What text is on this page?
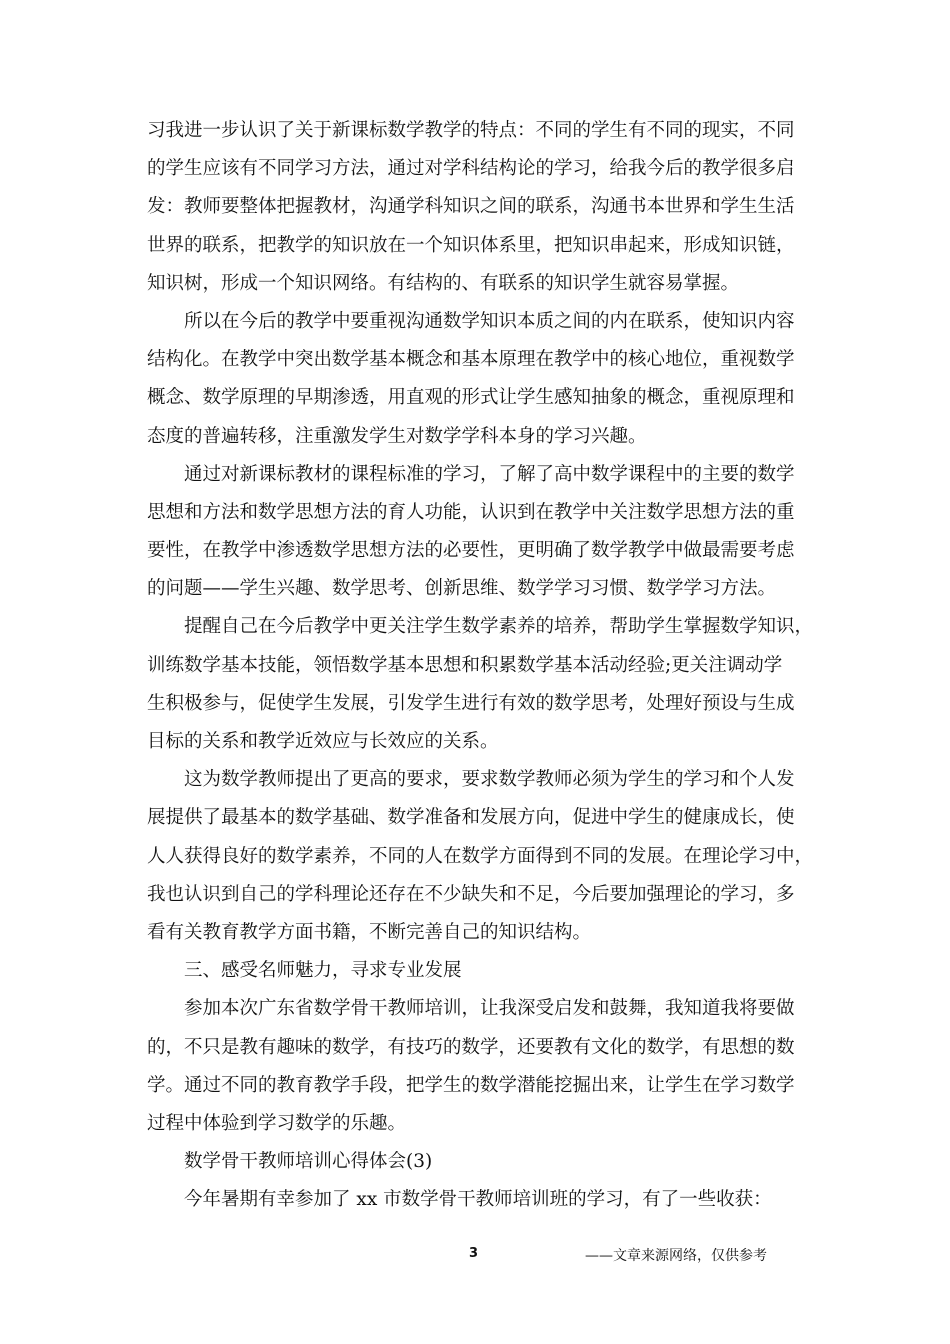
习我进一步认识了关于新课标数学教学的特点：不同的学生有不同的现实，不同
的学生应该有不同学习方法，通过对学科结构论的学习，给我今后的教学很多启
发：教师要整体把握教材，沟通学科知识之间的联系，沟通书本世界和学生生活
世界的联系，把教学的知识放在一个知识体系里，把知识串起来，形成知识链，
知识树，形成一个知识网络。有结构的、有联系的知识学生就容易掌握。
所以在今后的教学中要重视沟通数学知识本质之间的内在联系，使知识内容
结构化。在教学中突出数学基本概念和基本原理在教学中的核心地位，重视数学
概念、数学原理的早期渗透，用直观的形式让学生感知抽象的概念，重视原理和
态度的普遍转移，注重激发学生对数学学科本身的学习兴趣。
通过对新课标教材的课程标准的学习，了解了高中数学课程中的主要的数学
思想和方法和数学思想方法的育人功能，认识到在教学中关注数学思想方法的重
要性，在教学中渗透数学思想方法的必要性，更明确了数学教学中做最需要考虑
的问题——学生兴趣、数学思考、创新思维、数学学习习惯、数学学习方法。
提醒自己在今后教学中更关注学生数学素养的培养，帮助学生掌握数学知识，
训练数学基本技能，领悟数学基本思想和积累数学基本活动经验;更关注调动学
生积极参与，促使学生发展，引发学生进行有效的数学思考，处理好预设与生成
目标的关系和教学近效应与长效应的关系。
这为数学教师提出了更高的要求，要求数学教师必须为学生的学习和个人发
展提供了最基本的数学基础、数学准备和发展方向，促进中学生的健康成长，使
人人获得良好的数学素养，不同的人在数学方面得到不同的发展。在理论学习中，
我也认识到自己的学科理论还存在不少缺失和不足，今后要加强理论的学习，多
看有关教育教学方面书籍，不断完善自己的知识结构。
三、感受名师魅力，寻求专业发展
参加本次广东省数学骨干教师培训，让我深受启发和鼓舞，我知道我将要做
的，不只是教有趣味的数学，有技巧的数学，还要教有文化的数学，有思想的数
学。通过不同的教育教学手段，把学生的数学潜能挖掘出来，让学生在学习数学
过程中体验到学习数学的乐趣。
数学骨干教师培训心得体会(3)
今年暑期有幸参加了 xx 市数学骨干教师培训班的学习，有了一些收获：
3	——文章来源网络，仅供参考
